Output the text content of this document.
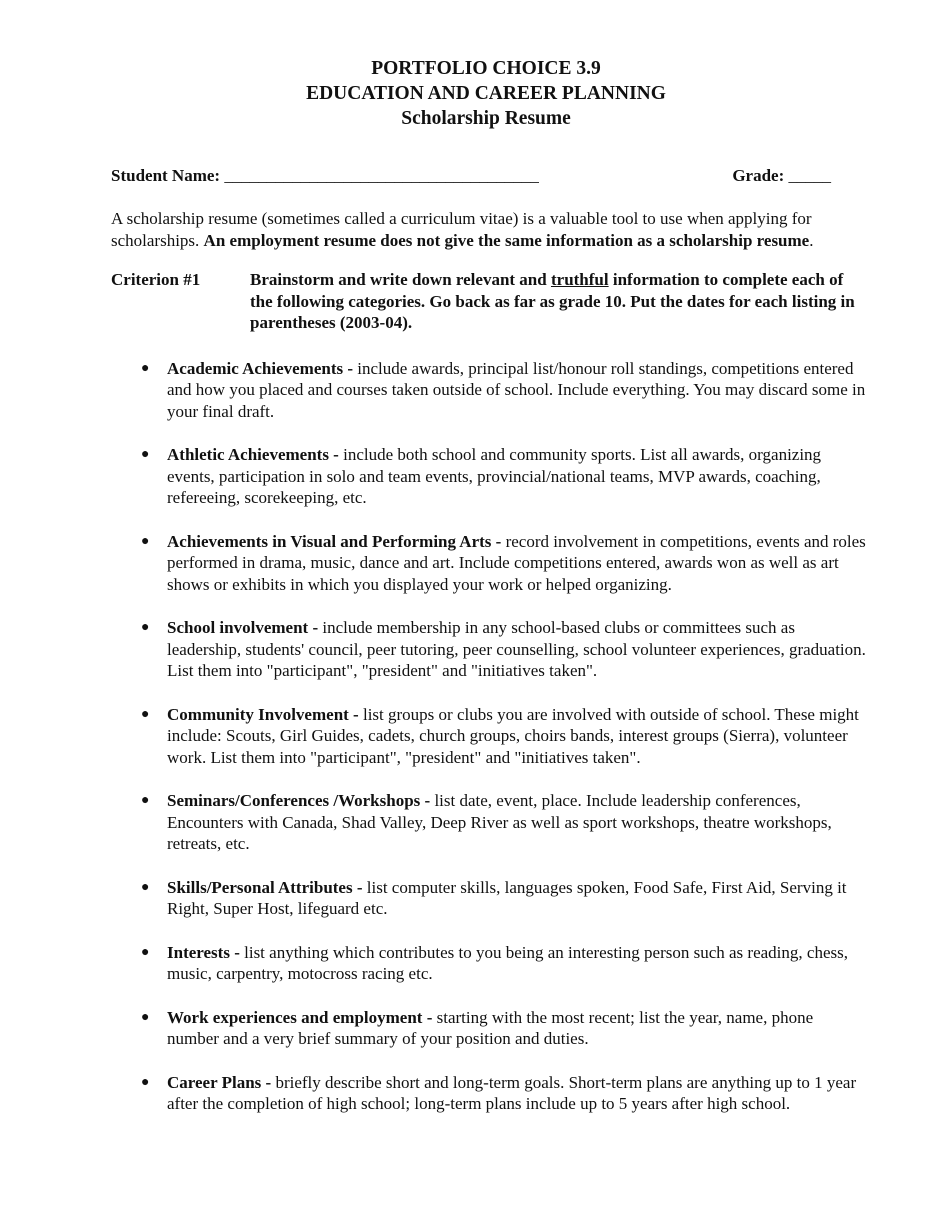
PORTFOLIO CHOICE 3.9
EDUCATION AND CAREER PLANNING
Scholarship Resume
Student Name: _____________________________________	Grade: _____
A scholarship resume (sometimes called a curriculum vitae) is a valuable tool to use when applying for scholarships. An employment resume does not give the same information as a scholarship resume.
Criterion #1	Brainstorm and write down relevant and truthful information to complete each of the following categories. Go back as far as grade 10. Put the dates for each listing in parentheses (2003-04).
● Academic Achievements - include awards, principal list/honour roll standings, competitions entered and how you placed and courses taken outside of school. Include everything. You may discard some in your final draft.
● Athletic Achievements - include both school and community sports. List all awards, organizing events, participation in solo and team events, provincial/national teams, MVP awards, coaching, refereeing, scorekeeping, etc.
● Achievements in Visual and Performing Arts - record involvement in competitions, events and roles performed in drama, music, dance and art. Include competitions entered, awards won as well as art shows or exhibits in which you displayed your work or helped organizing.
● School involvement - include membership in any school-based clubs or committees such as leadership, students' council, peer tutoring, peer counselling, school volunteer experiences, graduation. List them into "participant", "president" and "initiatives taken".
● Community Involvement - list groups or clubs you are involved with outside of school. These might include: Scouts, Girl Guides, cadets, church groups, choirs bands, interest groups (Sierra), volunteer work. List them into "participant", "president" and "initiatives taken".
● Seminars/Conferences /Workshops - list date, event, place. Include leadership conferences, Encounters with Canada, Shad Valley, Deep River as well as sport workshops, theatre workshops, retreats, etc.
● Skills/Personal Attributes - list computer skills, languages spoken, Food Safe, First Aid, Serving it Right, Super Host, lifeguard etc.
● Interests - list anything which contributes to you being an interesting person such as reading, chess, music, carpentry, motocross racing etc.
● Work experiences and employment - starting with the most recent; list the year, name, phone number and a very brief summary of your position and duties.
● Career Plans - briefly describe short and long-term goals. Short-term plans are anything up to 1 year after the completion of high school; long-term plans include up to 5 years after high school.
